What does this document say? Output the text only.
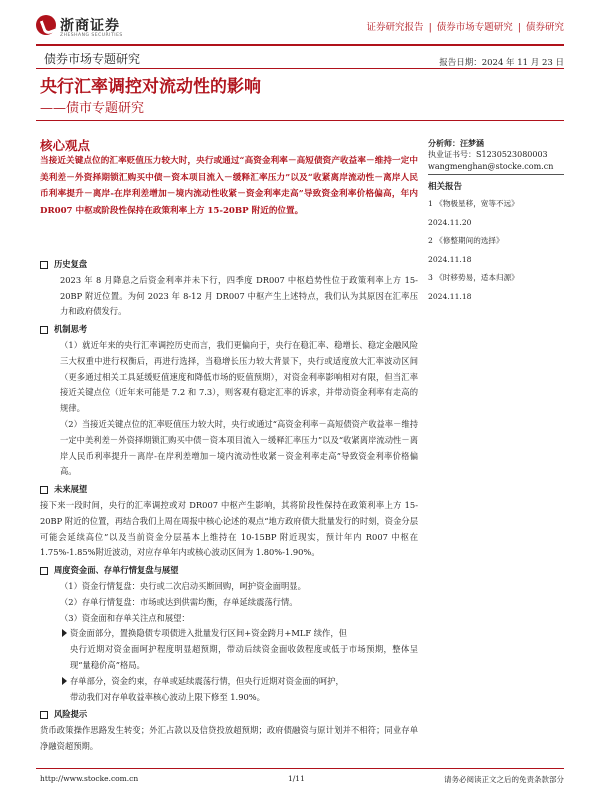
浙商证券
ZHESHANG SECURITIES
证券研究报告 | 债券市场专题研究 | 债券研究
债券市场专题研究	报告日期：2024 年 11 月 23 日
央行汇率调控对流动性的影响
——债市专题研究
核心观点
当接近关键点位的汇率贬值压力较大时，央行或通过“高资金利率－高短债资产收益率－维持一定中美利差－外资择期锁汇购买中债－资本项目流入－缓释汇率压力”以及“收紧离岸流动性－离岸人民币利率提升－离岸-在岸利差增加－境内流动性收紧－资金利率走高”导致资金利率价格偏高，年内 DR007 中枢或阶段性保持在政策利率上方 15-20BP 附近的位置。
分析师：汪梦涵
执业证书号：S1230523080003
wangmenghan@stocke.com.cn
相关报告
1 《物极星移，宽等不远》
2024.11.20
2 《修整期间的选择》
2024.11.18
3 《时移势易，适本归源》
2024.11.18
历史复盘
2023 年 8 月降息之后资金利率并未下行，四季度 DR007 中枢趋势性位于政策利率上方 15-20BP 附近位置。为何 2023 年 8-12 月 DR007 中枢产生上述特点，我们认为其原因在汇率压力和政府债发行。
机制思考
（1）就近年来的央行汇率调控历史而言，我们更偏向于，央行在稳汇率、稳增长、稳定金融风险三大权重中进行权衡后，再进行选择，当稳增长压力较大背景下，央行或适度放大汇率波动区间（更多通过相关工具延缓贬值速度和降低市场的贬值预期），对资金利率影响相对有限，但当汇率接近关键点位（近年来可能是 7.2 和 7.3），则客观有稳定汇率的诉求，并带动资金利率有走高的规律。
（2）当接近关键点位的汇率贬值压力较大时，央行或通过“高资金利率－高短债资产收益率－维持一定中美利差－外资择期锁汇购买中债－资本项目流入－缓释汇率压力”以及“收紧离岸流动性－离岸人民币利率提升－离岸-在岸利差增加－境内流动性收紧－资金利率走高”导致资金利率价格偏高。
未来展望
接下来一段时间，央行的汇率调控或对 DR007 中枢产生影响，其将阶段性保持在政策利率上方 15-20BP 附近的位置，再结合我们上周在周报中核心论述的观点“地方政府债大批量发行的时刻，资金分层可能会延续高位”以及当前资金分层基本上维持在 10-15BP 附近现实，预计年内 R007 中枢在 1.75%-1.85%附近波动，对应存单年内或核心波动区间为 1.80%-1.90%。
周度资金面、存单行情复盘与展望
（1）资金行情复盘：央行或二次启动买断回购，呵护资金面明显。
（2）存单行情复盘：市场或达到供需均衡，存单延续震荡行情。
（3）资金面和存单关注点和展望：
资金面部分，置换隐债专项债进入批量发行区间+资金跨月+MLF 续作，但
央行近期对资金面呵护程度明显超预期，带动后续资金面收敛程度或低于市场预期，整体呈现“量稳价高”格局。
存单部分，资金约束，存单或延续震荡行情，但央行近期对资金面的呵护，
带动我们对存单收益率核心波动上限下修至 1.90%。
风险提示
货币政策操作思路发生转变；外汇占款以及信贷投放超预期；政府债融资与原计划并不相符；同业存单净融资超预期。
http://www.stocke.com.cn	1/11	请务必阅读正文之后的免责条款部分
